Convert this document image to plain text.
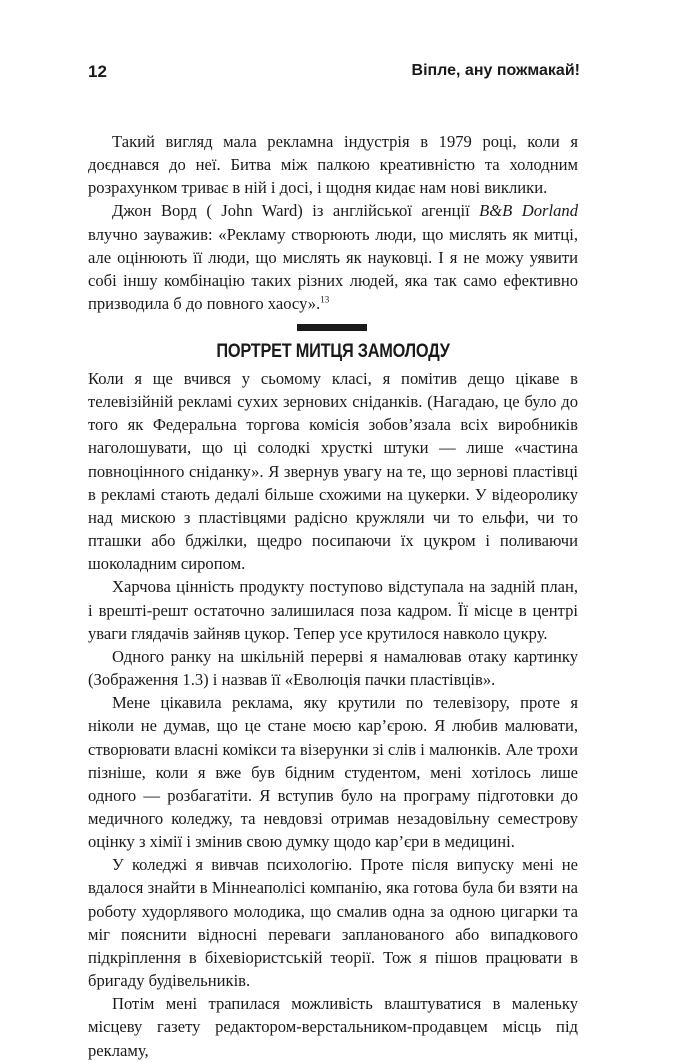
12	Віпле, ану пожмакай!

Такий вигляд мала рекламна індустрія в 1979 році, коли я доєднався до неї. Битва між палкою креативністю та холодним розрахунком триває в ній і досі, і щодня кидає нам нові виклики.

Джон Ворд ( John Ward) із англійської агенції B&B Dorland влучно зауважив: «Рекламу створюють люди, що мислять як митці, але оцінюють її люди, що мислять як науковці. І я не можу уявити собі іншу комбінацію таких різних людей, яка так само ефективно призводила б до повного хаосу».$^{13}$

ПОРТРЕТ МИТЦЯ ЗАМОЛОДУ

Коли я ще вчився у сьомому класі, я помітив дещо цікаве в телевізійній рекламі сухих зернових сніданків. (Нагадаю, це було до того як Федеральна торгова комісія зобов’язала всіх виробників наголошувати, що ці солодкі хрусткі штуки — лише «частина повноцінного сніданку». Я звернув увагу на те, що зернові пластівці в рекламі стають дедалі більше схожими на цукерки. У відеоролику над мискою з пластівцями радісно кружляли чи то ельфи, чи то пташки або бджілки, щедро посипаючи їх цукром і поливаючи шоколадним сиропом.

Харчова цінність продукту поступово відступала на задній план, і врешті-решт остаточно залишилася поза кадром. Її місце в центрі уваги глядачів зайняв цукор. Тепер усе крутилося навколо цукру.

Одного ранку на шкільній перерві я намалював отаку картинку (Зображення 1.3) і назвав її «Еволюція пачки пластівців».

Мене цікавила реклама, яку крутили по телевізору, проте я ніколи не думав, що це стане моєю кар’єрою. Я любив малювати, створювати власні комікси та візерунки зі слів і малюнків. Але трохи пізніше, коли я вже був бідним студентом, мені хотілось лише одного — розбагатіти. Я вступив було на програму підготовки до медичного коледжу, та невдовзі отримав незадовільну семестрову оцінку з хімії і змінив свою думку щодо кар’єри в медицині.

У коледжі я вивчав психологію. Проте після випуску мені не вдалося знайти в Міннеаполісі компанію, яка готова була би взяти на роботу худорлявого молодика, що смалив одна за одною цигарки та міг пояснити відносні переваги запланованого або випадкового підкріплення в біхевіористській теорії. Тож я пішов працювати в бригаду будівельників.

Потім мені трапилася можливість влаштуватися в маленьку місцеву газету редактором-верстальником-продавцем місць під рекламу,
